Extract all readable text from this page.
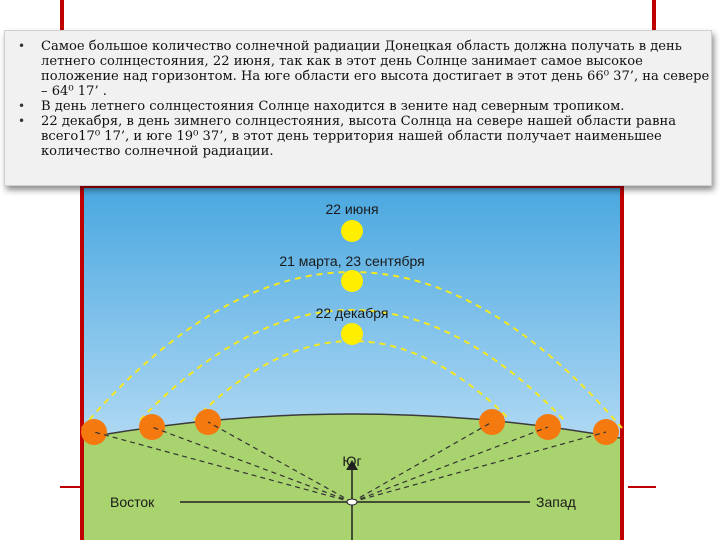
22 июня
21 марта, 23 сентября
22 декабря
Юг
Восток	Запад
• Самое большое количество солнечной радиации Донецкая область должна получать в день летнего солнцестояния, 22 июня, так как в этот день Солнце занимает самое высокое положение над горизонтом. На юге области его высота достигает в этот день 66⁰ 37’, на севере – 64⁰ 17’ .
• В день летнего солнцестояния Солнце находится в зените над северным тропиком.
• 22 декабря, в день зимнего солнцестояния, высота Солнца на севере нашей области равна всего17⁰ 17’, и юге 19⁰ 37’, в этот день территория нашей области получает наименьшее количество солнечной радиации.
